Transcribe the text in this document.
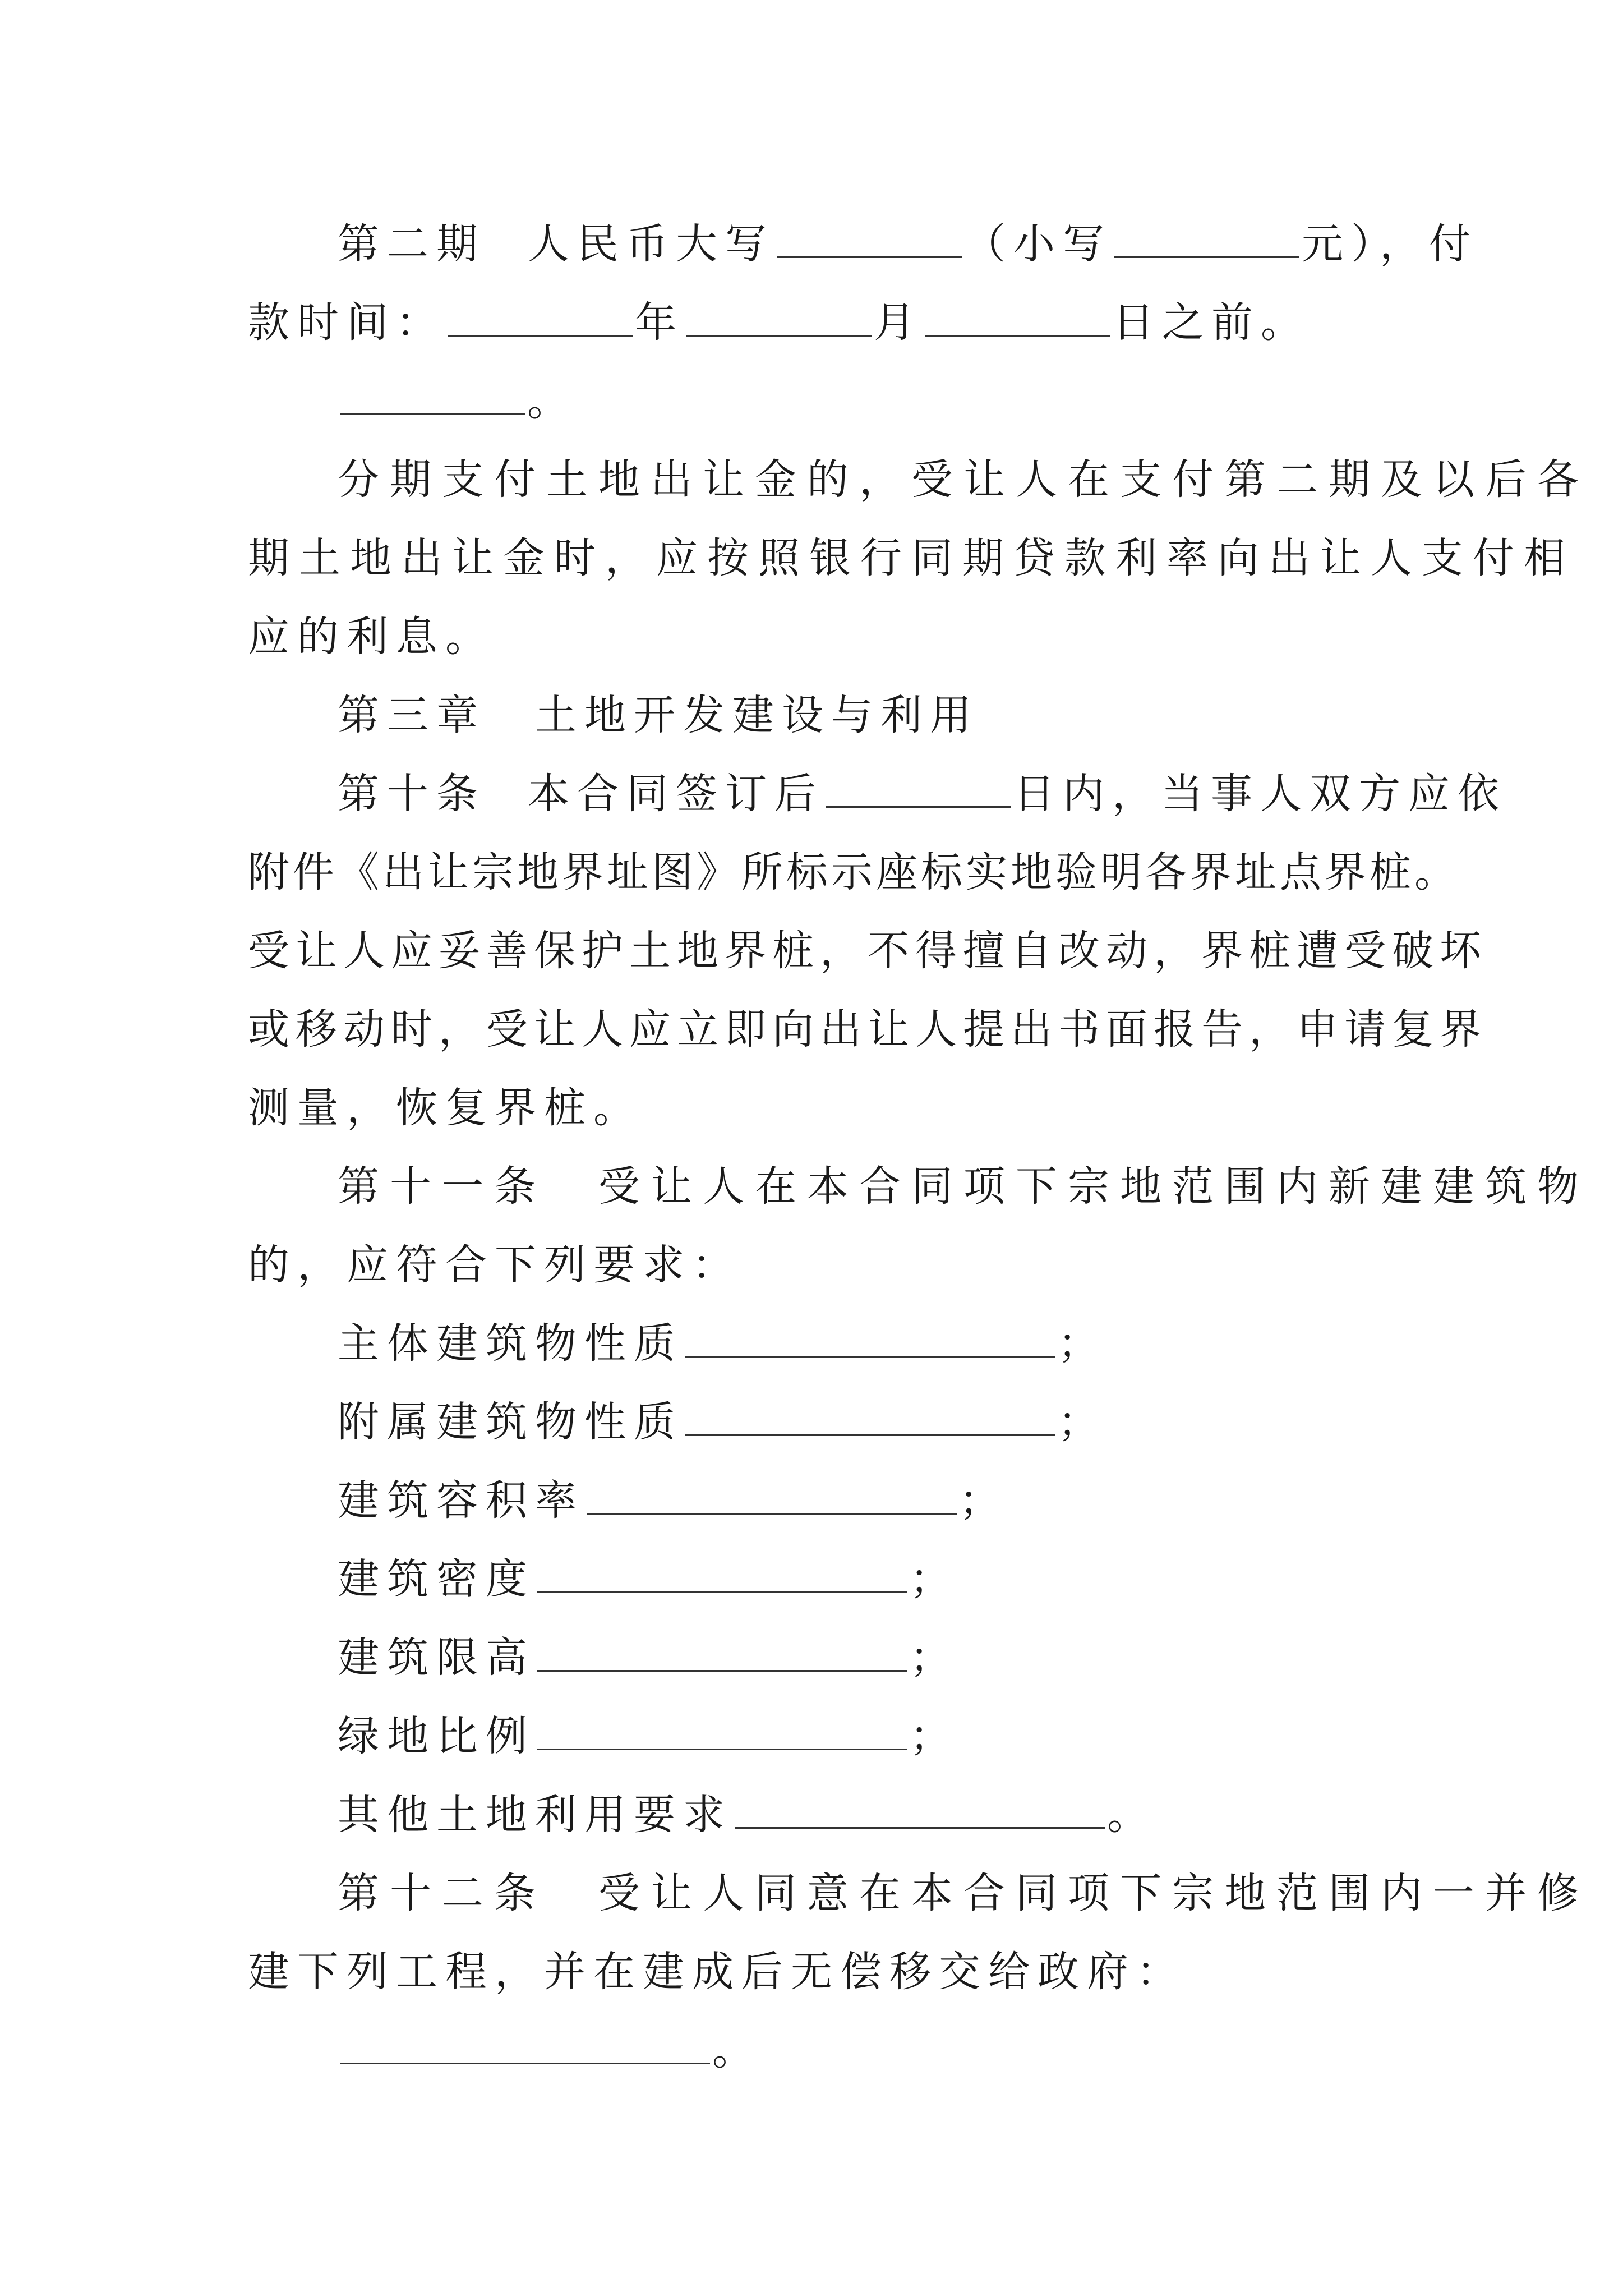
第二期 人民币大写	（小写	元），付
款时间：	年	月	日之前。
。
分期支付土地出让金的，受让人在支付第二期及以后各
期土地出让金时，应按照银行同期贷款利率向出让人支付相
应的利息。
第三章　土地开发建设与利用
第十条 本合同签订后	日内，当事人双方应依
附件《出让宗地界址图》所标示座标实地验明各界址点界桩。
受让人应妥善保护土地界桩，不得擅自改动，界桩遭受破坏
或移动时，受让人应立即向出让人提出书面报告，申请复界
测量，恢复界桩。
第十一条　受让人在本合同项下宗地范围内新建建筑物
的，应符合下列要求：
主体建筑物性质	；
附属建筑物性质	；
建筑容积率	；
建筑密度	；
建筑限高	；
绿地比例	；
其他土地利用要求	。
第十二条　受让人同意在本合同项下宗地范围内一并修
建下列工程，并在建成后无偿移交给政府：
。
